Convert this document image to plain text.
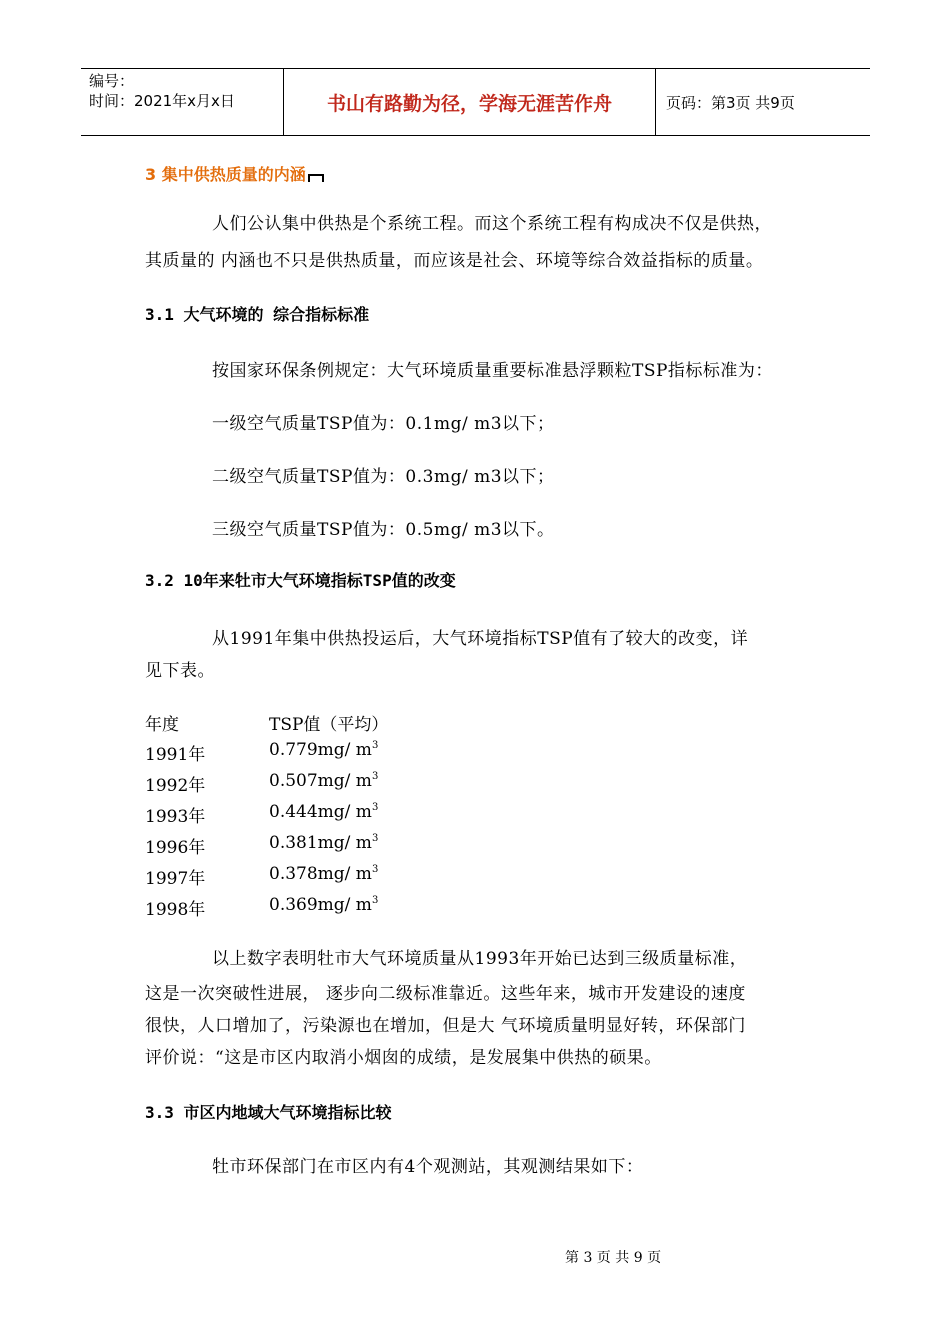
编号：
时间：2021年x月x日	书山有路勤为径，学海无涯苦作舟	页码：第3页 共9页
3 集中供热质量的内涵
人们公认集中供热是个系统工程。而这个系统工程有构成决不仅是供热，
其质量的 内涵也不只是供热质量，而应该是社会、环境等综合效益指标的质量。
3.1 大气环境的 综合指标标准
按国家环保条例规定：大气环境质量重要标准悬浮颗粒TSP指标标准为：
一级空气质量TSP值为：0.1mg/ m3以下；
二级空气质量TSP值为：0.3mg/ m3以下；
三级空气质量TSP值为：0.5mg/ m3以下。
3.2 10年来牡市大气环境指标TSP值的改变
从1991年集中供热投运后，大气环境指标TSP值有了较大的改变，详
见下表。
年度	TSP值（平均）
1991年	0.779mg/ $m^3$
1992年	0.507mg/ $m^3$
1993年	0.444mg/ $m^3$
1996年	0.381mg/ $m^3$
1997年	0.378mg/ $m^3$
1998年	0.369mg/ $m^3$
以上数字表明牡市大气环境质量从1993年开始已达到三级质量标准，
这是一次突破性进展， 逐步向二级标准靠近。这些年来，城市开发建设的速度
很快，人口增加了，污染源也在增加，但是大 气环境质量明显好转，环保部门
评价说：“这是市区内取消小烟囱的成绩，是发展集中供热的硕果。
3.3 市区内地域大气环境指标比较
牡市环保部门在市区内有4个观测站，其观测结果如下：
第 3 页 共 9 页
